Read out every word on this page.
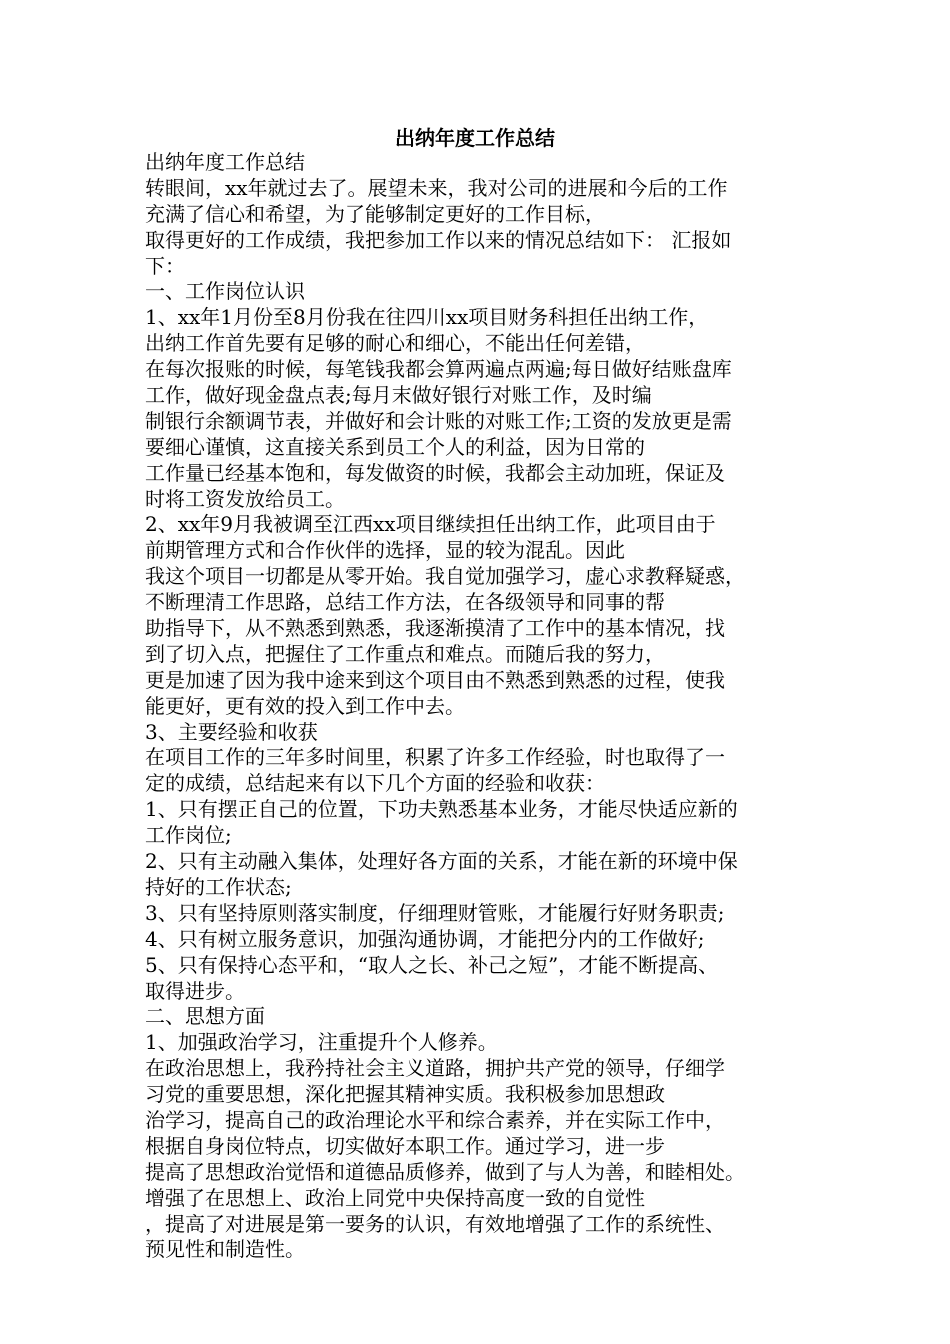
出纳年度工作总结
出纳年度工作总结
转眼间，xx年就过去了。展望未来，我对公司的进展和今后的工作
充满了信心和希望，为了能够制定更好的工作目标，
取得更好的工作成绩，我把参加工作以来的情况总结如下： 汇报如
下：
一、工作岗位认识
1、xx年1月份至8月份我在往四川xx项目财务科担任出纳工作，
出纳工作首先要有足够的耐心和细心，不能出任何差错，
在每次报账的时候，每笔钱我都会算两遍点两遍;每日做好结账盘库
工作，做好现金盘点表;每月末做好银行对账工作，及时编
制银行余额调节表，并做好和会计账的对账工作;工资的发放更是需
要细心谨慎，这直接关系到员工个人的利益，因为日常的
工作量已经基本饱和，每发做资的时候，我都会主动加班，保证及
时将工资发放给员工。
2、xx年9月我被调至江西xx项目继续担任出纳工作，此项目由于
前期管理方式和合作伙伴的选择，显的较为混乱。因此
我这个项目一切都是从零开始。我自觉加强学习，虚心求教释疑惑，
不断理清工作思路，总结工作方法，在各级领导和同事的帮
助指导下，从不熟悉到熟悉，我逐渐摸清了工作中的基本情况，找
到了切入点，把握住了工作重点和难点。而随后我的努力，
更是加速了因为我中途来到这个项目由不熟悉到熟悉的过程，使我
能更好，更有效的投入到工作中去。
3、主要经验和收获
在项目工作的三年多时间里，积累了许多工作经验，时也取得了一
定的成绩，总结起来有以下几个方面的经验和收获：
1、只有摆正自己的位置，下功夫熟悉基本业务，才能尽快适应新的
工作岗位;
2、只有主动融入集体，处理好各方面的关系，才能在新的环境中保
持好的工作状态;
3、只有坚持原则落实制度，仔细理财管账，才能履行好财务职责;
4、只有树立服务意识，加强沟通协调，才能把分内的工作做好;
5、只有保持心态平和，“取人之长、补己之短”，才能不断提高、
取得进步。
二、思想方面
1、加强政治学习，注重提升个人修养。
在政治思想上，我矜持社会主义道路，拥护共产党的领导，仔细学
习党的重要思想，深化把握其精神实质。我积极参加思想政
治学习，提高自己的政治理论水平和综合素养，并在实际工作中，
根据自身岗位特点，切实做好本职工作。通过学习，进一步
提高了思想政治觉悟和道德品质修养，做到了与人为善，和睦相处。
增强了在思想上、政治上同党中央保持高度一致的自觉性
，提高了对进展是第一要务的认识，有效地增强了工作的系统性、
预见性和制造性。
